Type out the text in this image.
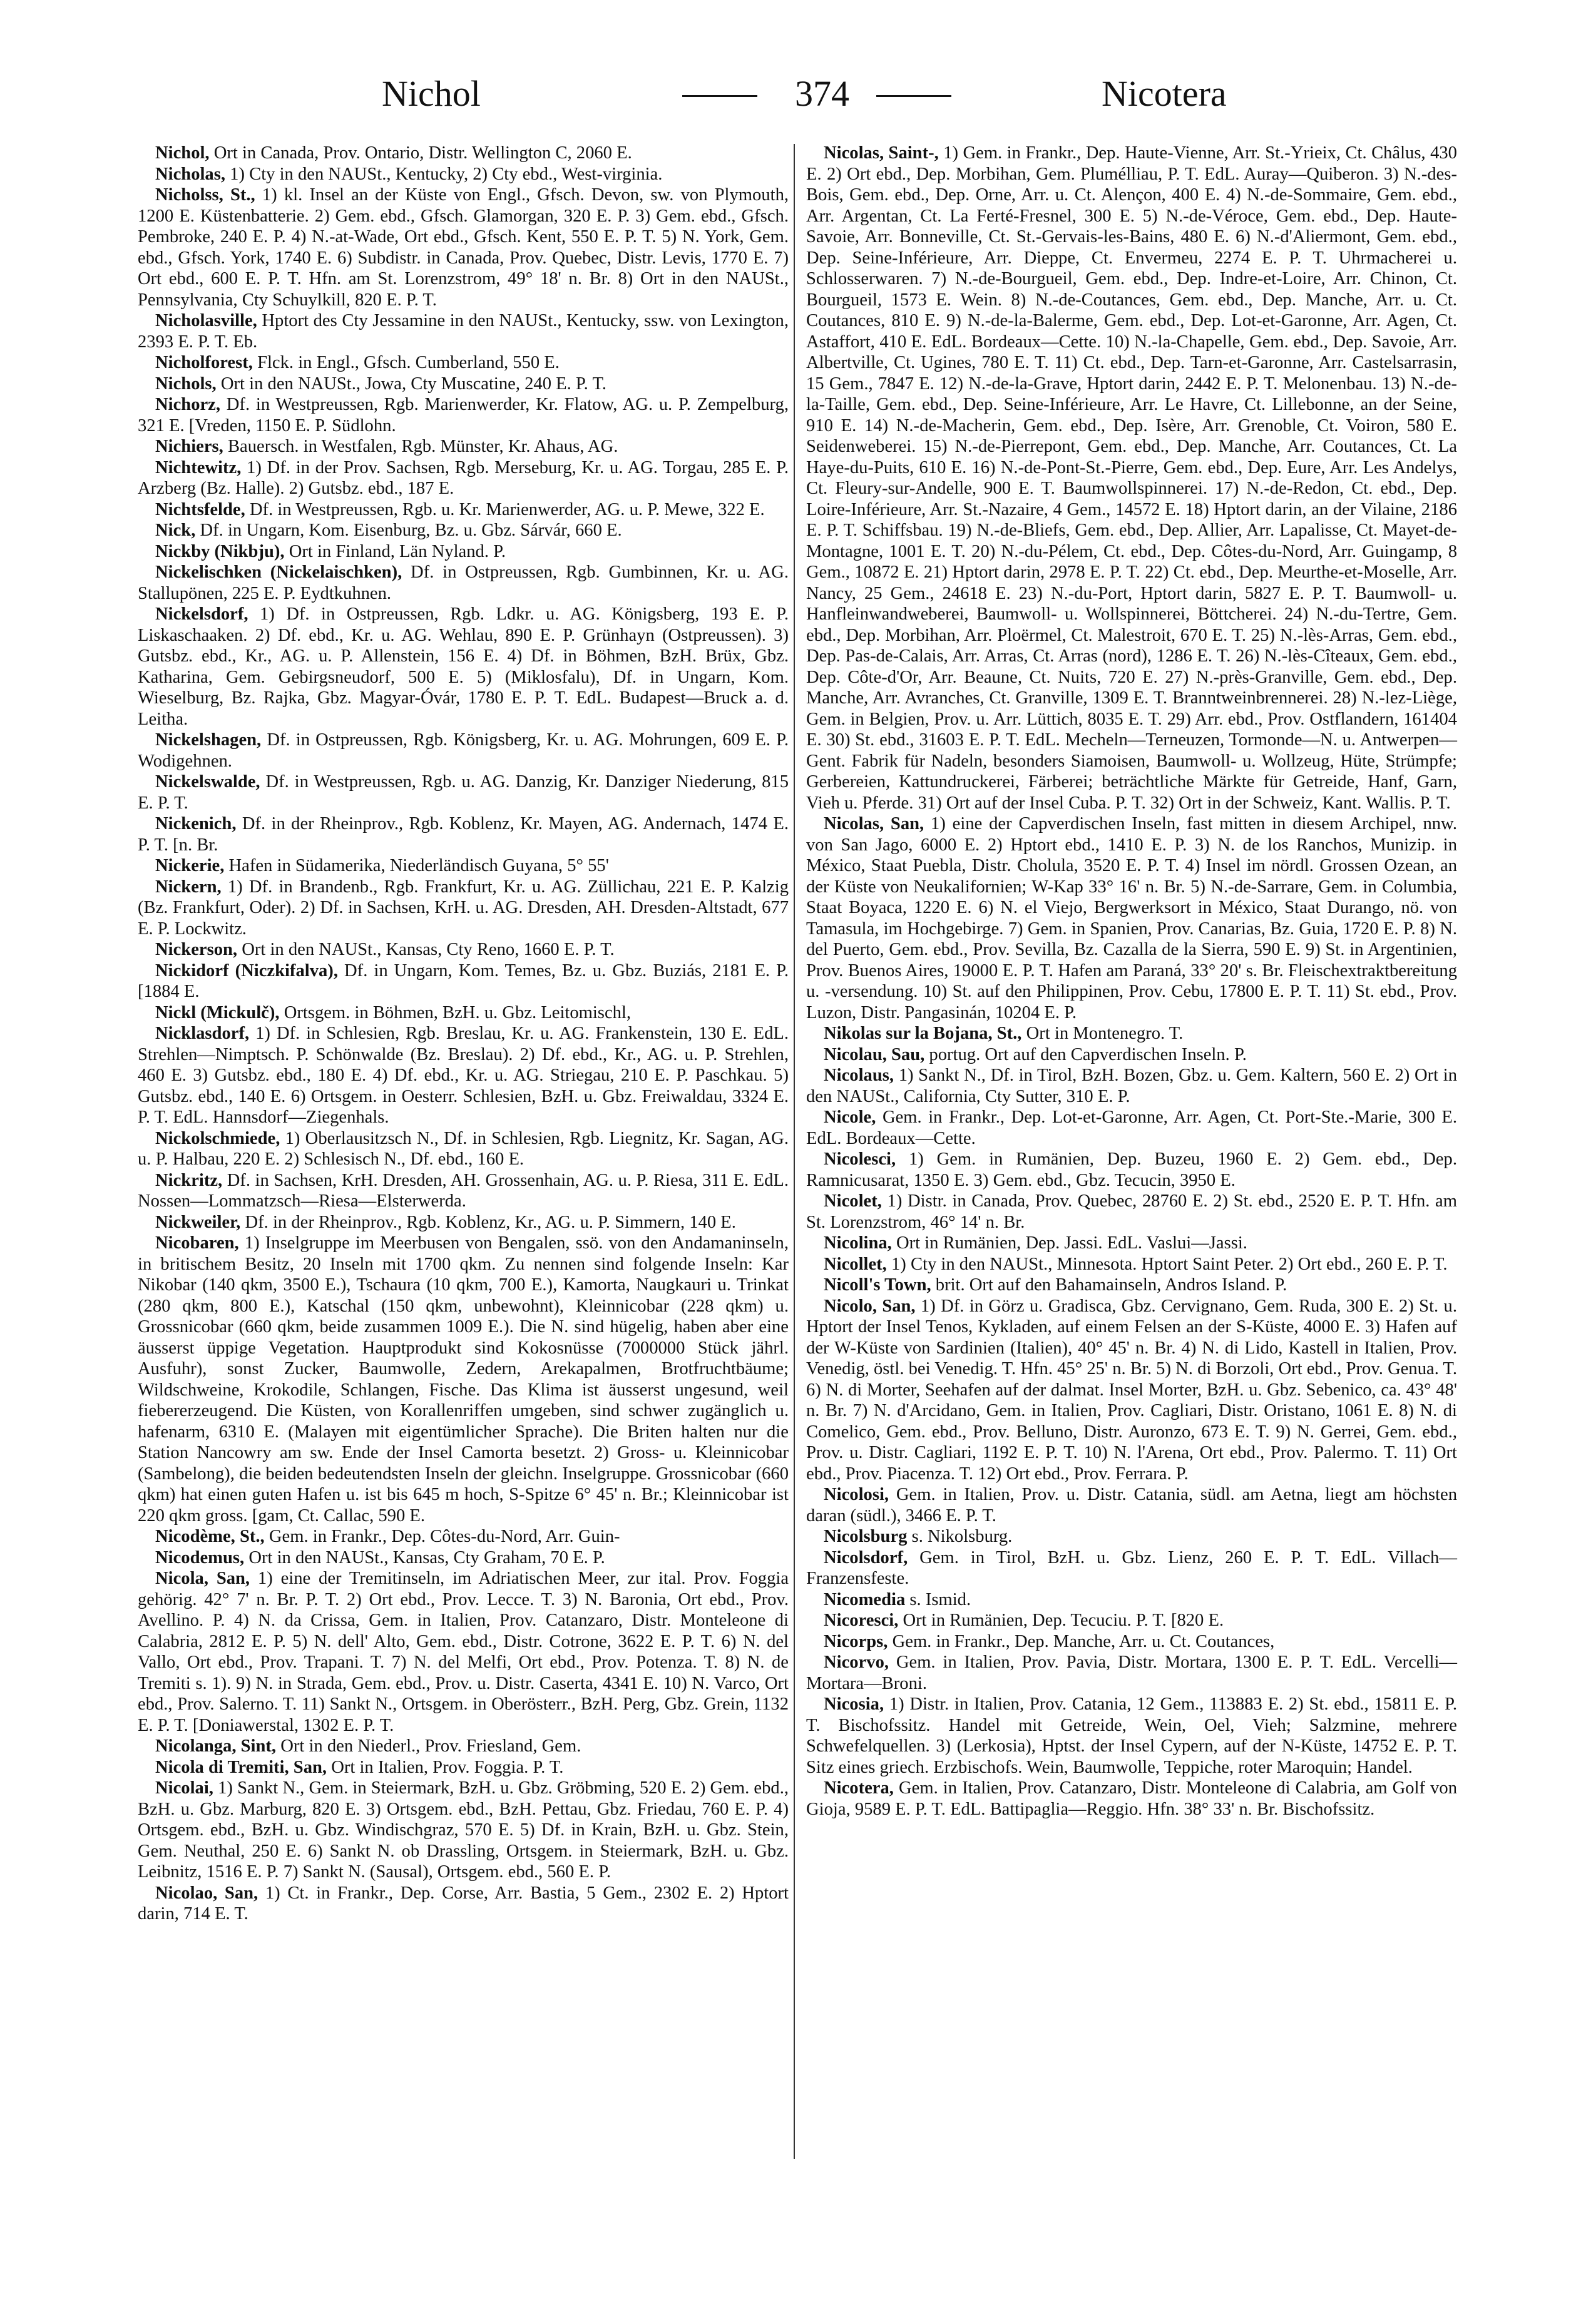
Nichol	374	Nicotera

Nichol, Ort in Canada, Prov. Ontario, Distr. Wellington C, 2060 E.

Nicholas, 1) Cty in den NAUSt., Kentucky, 2) Cty ebd., West-virginia.

Nicholss, St., 1) kl. Insel an der Küste von Engl., Gfsch. Devon, sw. von Plymouth, 1200 E. Küstenbatterie. 2) Gem. ebd., Gfsch. Glamorgan, 320 E. P. 3) Gem. ebd., Gfsch. Pembroke, 240 E. P. 4) N.-at-Wade, Ort ebd., Gfsch. Kent, 550 E. P. T. 5) N. York, Gem. ebd., Gfsch. York, 1740 E. 6) Subdistr. in Canada, Prov. Quebec, Distr. Levis, 1770 E. 7) Ort ebd., 600 E. P. T. Hfn. am St. Lorenzstrom, 49° 18' n. Br. 8) Ort in den NAUSt., Pennsylvania, Cty Schuylkill, 820 E. P. T.

Nicholasville, Hptort des Cty Jessamine in den NAUSt., Kentucky, ssw. von Lexington, 2393 E. P. T. Eb.

Nicholforest, Flck. in Engl., Gfsch. Cumberland, 550 E.

Nichols, Ort in den NAUSt., Jowa, Cty Muscatine, 240 E. P. T.

Nichorz, Df. in Westpreussen, Rgb. Marienwerder, Kr. Flatow, AG. u. P. Zempelburg, 321 E. [Vreden, 1150 E. P. Südlohn.

Nichiers, Bauersch. in Westfalen, Rgb. Münster, Kr. Ahaus, AG.

Nichtewitz, 1) Df. in der Prov. Sachsen, Rgb. Merseburg, Kr. u. AG. Torgau, 285 E. P. Arzberg (Bz. Halle). 2) Gutsbz. ebd., 187 E.

Nichtsfelde, Df. in Westpreussen, Rgb. u. Kr. Marienwerder, AG. u. P. Mewe, 322 E.

Nick, Df. in Ungarn, Kom. Eisenburg, Bz. u. Gbz. Sárvár, 660 E.

Nickby (Nikbju), Ort in Finland, Län Nyland. P.

Nickelischken (Nickelaischken), Df. in Ostpreussen, Rgb. Gumbinnen, Kr. u. AG. Stallupönen, 225 E. P. Eydtkuhnen.

Nickelsdorf, 1) Df. in Ostpreussen, Rgb. Ldkr. u. AG. Königsberg, 193 E. P. Liskaschaaken. 2) Df. ebd., Kr. u. AG. Wehlau, 890 E. P. Grünhayn (Ostpreussen). 3) Gutsbz. ebd., Kr., AG. u. P. Allenstein, 156 E. 4) Df. in Böhmen, BzH. Brüx, Gbz. Katharina, Gem. Gebirgsneudorf, 500 E. 5) (Miklosfalu), Df. in Ungarn, Kom. Wieselburg, Bz. Rajka, Gbz. Magyar-Óvár, 1780 E. P. T. EdL. Budapest—Bruck a. d. Leitha.

Nickelshagen, Df. in Ostpreussen, Rgb. Königsberg, Kr. u. AG. Mohrungen, 609 E. P. Wodigehnen.

Nickelswalde, Df. in Westpreussen, Rgb. u. AG. Danzig, Kr. Danziger Niederung, 815 E. P. T.

Nickenich, Df. in der Rheinprov., Rgb. Koblenz, Kr. Mayen, AG. Andernach, 1474 E. P. T. [n. Br.

Nickerie, Hafen in Südamerika, Niederländisch Guyana, 5° 55'

Nickern, 1) Df. in Brandenb., Rgb. Frankfurt, Kr. u. AG. Züllichau, 221 E. P. Kalzig (Bz. Frankfurt, Oder). 2) Df. in Sachsen, KrH. u. AG. Dresden, AH. Dresden-Altstadt, 677 E. P. Lockwitz.

Nickerson, Ort in den NAUSt., Kansas, Cty Reno, 1660 E. P. T.

Nickidorf (Niczkifalva), Df. in Ungarn, Kom. Temes, Bz. u. Gbz. Buziás, 2181 E. P. [1884 E.

Nickl (Mickulč), Ortsgem. in Böhmen, BzH. u. Gbz. Leitomischl,

Nicklasdorf, 1) Df. in Schlesien, Rgb. Breslau, Kr. u. AG. Frankenstein, 130 E. EdL. Strehlen—Nimptsch. P. Schönwalde (Bz. Breslau). 2) Df. ebd., Kr., AG. u. P. Strehlen, 460 E. 3) Gutsbz. ebd., 180 E. 4) Df. ebd., Kr. u. AG. Striegau, 210 E. P. Paschkau. 5) Gutsbz. ebd., 140 E. 6) Ortsgem. in Oesterr. Schlesien, BzH. u. Gbz. Freiwaldau, 3324 E. P. T. EdL. Hannsdorf—Ziegenhals.

Nickolschmiede, 1) Oberlausitzsch N., Df. in Schlesien, Rgb. Liegnitz, Kr. Sagan, AG. u. P. Halbau, 220 E. 2) Schlesisch N., Df. ebd., 160 E.

Nickritz, Df. in Sachsen, KrH. Dresden, AH. Grossenhain, AG. u. P. Riesa, 311 E. EdL. Nossen—Lommatzsch—Riesa—Elsterwerda.

Nickweiler, Df. in der Rheinprov., Rgb. Koblenz, Kr., AG. u. P. Simmern, 140 E.

Nicobaren, 1) Inselgruppe im Meerbusen von Bengalen, ssö. von den Andamaninseln, in britischem Besitz, 20 Inseln mit 1700 qkm. Zu nennen sind folgende Inseln: Kar Nikobar (140 qkm, 3500 E.), Tschaura (10 qkm, 700 E.), Kamorta, Naugkauri u. Trinkat (280 qkm, 800 E.), Katschal (150 qkm, unbewohnt), Kleinnicobar (228 qkm) u. Grossnicobar (660 qkm, beide zusammen 1009 E.). Die N. sind hügelig, haben aber eine äusserst üppige Vegetation. Hauptprodukt sind Kokosnüsse (7000000 Stück jährl. Ausfuhr), sonst Zucker, Baumwolle, Zedern, Arekapalmen, Brotfruchtbäume; Wildschweine, Krokodile, Schlangen, Fische. Das Klima ist äusserst ungesund, weil fiebererzeugend. Die Küsten, von Korallenriffen umgeben, sind schwer zugänglich u. hafenarm, 6310 E. (Malayen mit eigentümlicher Sprache). Die Briten halten nur die Station Nancowry am sw. Ende der Insel Camorta besetzt. 2) Gross- u. Kleinnicobar (Sambelong), die beiden bedeutendsten Inseln der gleichn. Inselgruppe. Grossnicobar (660 qkm) hat einen guten Hafen u. ist bis 645 m hoch, S-Spitze 6° 45' n. Br.; Kleinnicobar ist 220 qkm gross. [gam, Ct. Callac, 590 E.

Nicodème, St., Gem. in Frankr., Dep. Côtes-du-Nord, Arr. Guin-

Nicodemus, Ort in den NAUSt., Kansas, Cty Graham, 70 E. P.

Nicola, San, 1) eine der Tremitinseln, im Adriatischen Meer, zur ital. Prov. Foggia gehörig. 42° 7' n. Br. P. T. 2) Ort ebd., Prov. Lecce. T. 3) N. Baronia, Ort ebd., Prov. Avellino. P. 4) N. da Crissa, Gem. in Italien, Prov. Catanzaro, Distr. Monteleone di Calabria, 2812 E. P. 5) N. dell' Alto, Gem. ebd., Distr. Cotrone, 3622 E. P. T. 6) N. del Vallo, Ort ebd., Prov. Trapani. T. 7) N. del Melfi, Ort ebd., Prov. Potenza. T. 8) N. de Tremiti s. 1). 9) N. in Strada, Gem. ebd., Prov. u. Distr. Caserta, 4341 E. 10) N. Varco, Ort ebd., Prov. Salerno. T. 11) Sankt N., Ortsgem. in Oberösterr., BzH. Perg, Gbz. Grein, 1132 E. P. T. [Doniawerstal, 1302 E. P. T.

Nicolanga, Sint, Ort in den Niederl., Prov. Friesland, Gem.

Nicola di Tremiti, San, Ort in Italien, Prov. Foggia. P. T.

Nicolai, 1) Sankt N., Gem. in Steiermark, BzH. u. Gbz. Gröbming, 520 E. 2) Gem. ebd., BzH. u. Gbz. Marburg, 820 E. 3) Ortsgem. ebd., BzH. Pettau, Gbz. Friedau, 760 E. P. 4) Ortsgem. ebd., BzH. u. Gbz. Windischgraz, 570 E. 5) Df. in Krain, BzH. u. Gbz. Stein, Gem. Neuthal, 250 E. 6) Sankt N. ob Drassling, Ortsgem. in Steiermark, BzH. u. Gbz. Leibnitz, 1516 E. P. 7) Sankt N. (Sausal), Ortsgem. ebd., 560 E. P.

Nicolao, San, 1) Ct. in Frankr., Dep. Corse, Arr. Bastia, 5 Gem., 2302 E. 2) Hptort darin, 714 E. T.

Nicolas, Saint-, 1) Gem. in Frankr., Dep. Haute-Vienne, Arr. St.-Yrieix, Ct. Châlus, 430 E. 2) Ort ebd., Dep. Morbihan, Gem. Plumélliau, P. T. EdL. Auray—Quiberon. 3) N.-des-Bois, Gem. ebd., Dep. Orne, Arr. u. Ct. Alençon, 400 E. 4) N.-de-Sommaire, Gem. ebd., Arr. Argentan, Ct. La Ferté-Fresnel, 300 E. 5) N.-de-Véroce, Gem. ebd., Dep. Haute-Savoie, Arr. Bonneville, Ct. St.-Gervais-les-Bains, 480 E. 6) N.-d'Aliermont, Gem. ebd., Dep. Seine-Inférieure, Arr. Dieppe, Ct. Envermeu, 2274 E. P. T. Uhrmacherei u. Schlosserwaren. 7) N.-de-Bourgueil, Gem. ebd., Dep. Indre-et-Loire, Arr. Chinon, Ct. Bourgueil, 1573 E. Wein. 8) N.-de-Coutances, Gem. ebd., Dep. Manche, Arr. u. Ct. Coutances, 810 E. 9) N.-de-la-Balerme, Gem. ebd., Dep. Lot-et-Garonne, Arr. Agen, Ct. Astaffort, 410 E. EdL. Bordeaux—Cette. 10) N.-la-Chapelle, Gem. ebd., Dep. Savoie, Arr. Albertville, Ct. Ugines, 780 E. T. 11) Ct. ebd., Dep. Tarn-et-Garonne, Arr. Castelsarrasin, 15 Gem., 7847 E. 12) N.-de-la-Grave, Hptort darin, 2442 E. P. T. Melonenbau. 13) N.-de-la-Taille, Gem. ebd., Dep. Seine-Inférieure, Arr. Le Havre, Ct. Lillebonne, an der Seine, 910 E. 14) N.-de-Macherin, Gem. ebd., Dep. Isère, Arr. Grenoble, Ct. Voiron, 580 E. Seidenweberei. 15) N.-de-Pierrepont, Gem. ebd., Dep. Manche, Arr. Coutances, Ct. La Haye-du-Puits, 610 E. 16) N.-de-Pont-St.-Pierre, Gem. ebd., Dep. Eure, Arr. Les Andelys, Ct. Fleury-sur-Andelle, 900 E. T. Baumwollspinnerei. 17) N.-de-Redon, Ct. ebd., Dep. Loire-Inférieure, Arr. St.-Nazaire, 4 Gem., 14572 E. 18) Hptort darin, an der Vilaine, 2186 E. P. T. Schiffsbau. 19) N.-de-Bliefs, Gem. ebd., Dep. Allier, Arr. Lapalisse, Ct. Mayet-de-Montagne, 1001 E. T. 20) N.-du-Pélem, Ct. ebd., Dep. Côtes-du-Nord, Arr. Guingamp, 8 Gem., 10872 E. 21) Hptort darin, 2978 E. P. T. 22) Ct. ebd., Dep. Meurthe-et-Moselle, Arr. Nancy, 25 Gem., 24618 E. 23) N.-du-Port, Hptort darin, 5827 E. P. T. Baumwoll- u. Hanfleinwandweberei, Baumwoll- u. Wollspinnerei, Böttcherei. 24) N.-du-Tertre, Gem. ebd., Dep. Morbihan, Arr. Ploërmel, Ct. Malestroit, 670 E. T. 25) N.-lès-Arras, Gem. ebd., Dep. Pas-de-Calais, Arr. Arras, Ct. Arras (nord), 1286 E. T. 26) N.-lès-Cîteaux, Gem. ebd., Dep. Côte-d'Or, Arr. Beaune, Ct. Nuits, 720 E. 27) N.-près-Granville, Gem. ebd., Dep. Manche, Arr. Avranches, Ct. Granville, 1309 E. T. Branntweinbrennerei. 28) N.-lez-Liège, Gem. in Belgien, Prov. u. Arr. Lüttich, 8035 E. T. 29) Arr. ebd., Prov. Ostflandern, 161404 E. 30) St. ebd., 31603 E. P. T. EdL. Mecheln—Terneuzen, Tormonde—N. u. Antwerpen—Gent. Fabrik für Nadeln, besonders Siamoisen, Baumwoll- u. Wollzeug, Hüte, Strümpfe; Gerbereien, Kattundruckerei, Färberei; beträchtliche Märkte für Getreide, Hanf, Garn, Vieh u. Pferde. 31) Ort auf der Insel Cuba. P. T. 32) Ort in der Schweiz, Kant. Wallis. P. T.

Nicolas, San, 1) eine der Capverdischen Inseln, fast mitten in diesem Archipel, nnw. von San Jago, 6000 E. 2) Hptort ebd., 1410 E. P. 3) N. de los Ranchos, Munizip. in México, Staat Puebla, Distr. Cholula, 3520 E. P. T. 4) Insel im nördl. Grossen Ozean, an der Küste von Neukalifornien; W-Kap 33° 16' n. Br. 5) N.-de-Sarrare, Gem. in Columbia, Staat Boyaca, 1220 E. 6) N. el Viejo, Bergwerksort in México, Staat Durango, nö. von Tamasula, im Hochgebirge. 7) Gem. in Spanien, Prov. Canarias, Bz. Guia, 1720 E. P. 8) N. del Puerto, Gem. ebd., Prov. Sevilla, Bz. Cazalla de la Sierra, 590 E. 9) St. in Argentinien, Prov. Buenos Aires, 19000 E. P. T. Hafen am Paraná, 33° 20' s. Br. Fleischextraktbereitung u. -versendung. 10) St. auf den Philippinen, Prov. Cebu, 17800 E. P. T. 11) St. ebd., Prov. Luzon, Distr. Pangasinán, 10204 E. P.

Nikolas sur la Bojana, St., Ort in Montenegro. T.

Nicolau, Sau, portug. Ort auf den Capverdischen Inseln. P.

Nicolaus, 1) Sankt N., Df. in Tirol, BzH. Bozen, Gbz. u. Gem. Kaltern, 560 E. 2) Ort in den NAUSt., California, Cty Sutter, 310 E. P.

Nicole, Gem. in Frankr., Dep. Lot-et-Garonne, Arr. Agen, Ct. Port-Ste.-Marie, 300 E. EdL. Bordeaux—Cette.

Nicolesci, 1) Gem. in Rumänien, Dep. Buzeu, 1960 E. 2) Gem. ebd., Dep. Ramnicusarat, 1350 E. 3) Gem. ebd., Gbz. Tecucin, 3950 E.

Nicolet, 1) Distr. in Canada, Prov. Quebec, 28760 E. 2) St. ebd., 2520 E. P. T. Hfn. am St. Lorenzstrom, 46° 14' n. Br.

Nicolina, Ort in Rumänien, Dep. Jassi. EdL. Vaslui—Jassi.

Nicollet, 1) Cty in den NAUSt., Minnesota. Hptort Saint Peter. 2) Ort ebd., 260 E. P. T.

Nicoll's Town, brit. Ort auf den Bahamainseln, Andros Island. P.

Nicolo, San, 1) Df. in Görz u. Gradisca, Gbz. Cervignano, Gem. Ruda, 300 E. 2) St. u. Hptort der Insel Tenos, Kykladen, auf einem Felsen an der S-Küste, 4000 E. 3) Hafen auf der W-Küste von Sardinien (Italien), 40° 45' n. Br. 4) N. di Lido, Kastell in Italien, Prov. Venedig, östl. bei Venedig. T. Hfn. 45° 25' n. Br. 5) N. di Borzoli, Ort ebd., Prov. Genua. T. 6) N. di Morter, Seehafen auf der dalmat. Insel Morter, BzH. u. Gbz. Sebenico, ca. 43° 48' n. Br. 7) N. d'Arcidano, Gem. in Italien, Prov. Cagliari, Distr. Oristano, 1061 E. 8) N. di Comelico, Gem. ebd., Prov. Belluno, Distr. Auronzo, 673 E. T. 9) N. Gerrei, Gem. ebd., Prov. u. Distr. Cagliari, 1192 E. P. T. 10) N. l'Arena, Ort ebd., Prov. Palermo. T. 11) Ort ebd., Prov. Piacenza. T. 12) Ort ebd., Prov. Ferrara. P.

Nicolosi, Gem. in Italien, Prov. u. Distr. Catania, südl. am Aetna, liegt am höchsten daran (südl.), 3466 E. P. T.

Nicolsburg s. Nikolsburg.

Nicolsdorf, Gem. in Tirol, BzH. u. Gbz. Lienz, 260 E. P. T. EdL. Villach—Franzensfeste.

Nicomedia s. Ismid.

Nicoresci, Ort in Rumänien, Dep. Tecuciu. P. T. [820 E.

Nicorps, Gem. in Frankr., Dep. Manche, Arr. u. Ct. Coutances,

Nicorvo, Gem. in Italien, Prov. Pavia, Distr. Mortara, 1300 E. P. T. EdL. Vercelli—Mortara—Broni.

Nicosia, 1) Distr. in Italien, Prov. Catania, 12 Gem., 113883 E. 2) St. ebd., 15811 E. P. T. Bischofssitz. Handel mit Getreide, Wein, Oel, Vieh; Salzmine, mehrere Schwefelquellen. 3) (Lerkosia), Hptst. der Insel Cypern, auf der N-Küste, 14752 E. P. T. Sitz eines griech. Erzbischofs. Wein, Baumwolle, Teppiche, roter Maroquin; Handel.

Nicotera, Gem. in Italien, Prov. Catanzaro, Distr. Monteleone di Calabria, am Golf von Gioja, 9589 E. P. T. EdL. Battipaglia—Reggio. Hfn. 38° 33' n. Br. Bischofssitz.
